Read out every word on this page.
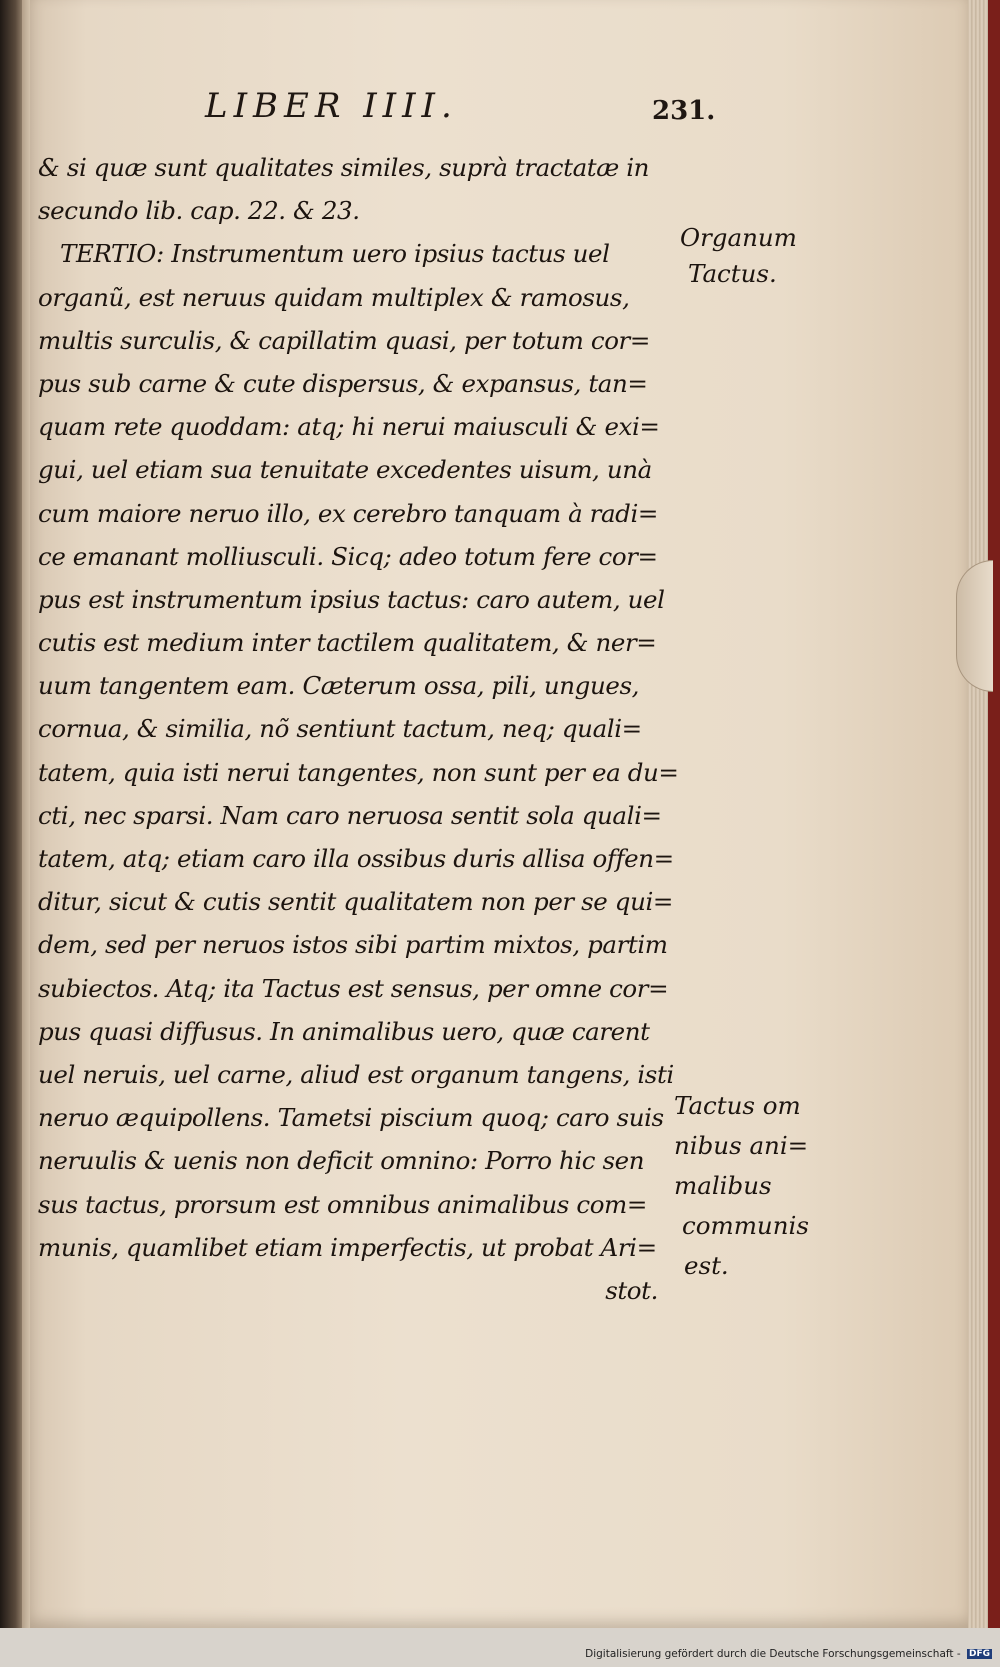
LIBER IIII.	231.
& si quæ sunt qualitates similes, suprà tractatæ in
secundo lib. cap. 22. & 23.
TERTIO: Instrumentum uero ipsius tactus uel
organũ, est neruus quidam multiplex & ramosus,
multis surculis, & capillatim quasi, per totum cor=
pus sub carne & cute dispersus, & expansus, tan=
quam rete quoddam: atq; hi nerui maiusculi & exi=
gui, uel etiam sua tenuitate excedentes uisum, unà
cum maiore neruo illo, ex cerebro tanquam à radi=
ce emanant molliusculi. Sicq; adeo totum fere cor=
pus est instrumentum ipsius tactus: caro autem, uel
cutis est medium inter tactilem qualitatem, & ner=
uum tangentem eam. Cæterum ossa, pili, ungues,
cornua, & similia, nõ sentiunt tactum, neq; quali=
tatem, quia isti nerui tangentes, non sunt per ea du=
cti, nec sparsi. Nam caro neruosa sentit sola quali=
tatem, atq; etiam caro illa ossibus duris allisa offen=
ditur, sicut & cutis sentit qualitatem non per se qui=
dem, sed per neruos istos sibi partim mixtos, partim
subiectos. Atq; ita Tactus est sensus, per omne cor=
pus quasi diffusus. In animalibus uero, quæ carent
uel neruis, uel carne, aliud est organum tangens, isti
neruo æquipollens. Tametsi piscium quoq; caro suis
neruulis & uenis non deficit omnino: Porro hic sen
sus tactus, prorsum est omnibus animalibus com=
munis, quamlibet etiam imperfectis, ut probat Ari=
stot.
Organum
Tactus.
Tactus om
nibus ani=
malibus
communis
est.
Digitalisierung gefördert durch die Deutsche Forschungsgemeinschaft - DFG
